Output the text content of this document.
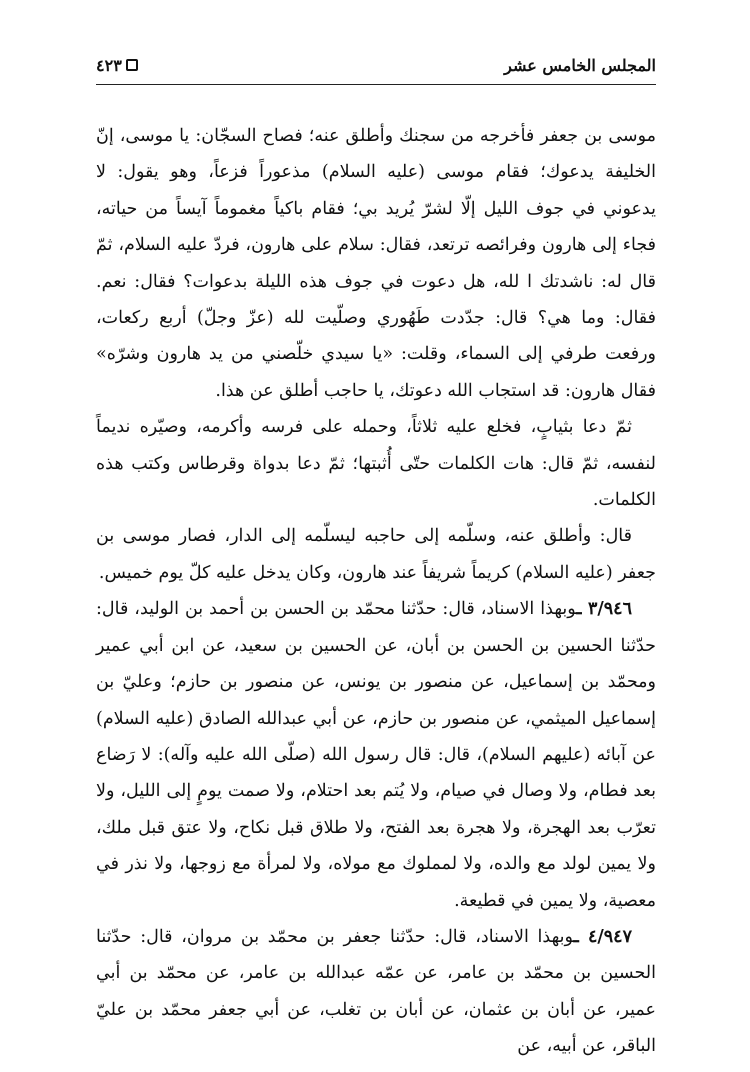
المجلس الخامس عشر
٤٢٣

موسى بن جعفر فأخرجه من سجنك وأطلق عنه؛ فصاح السجّان: يا موسى، إنّ الخليفة يدعوك؛ فقام موسى (عليه السلام) مذعوراً فزعاً، وهو يقول: لا يدعوني في جوف الليل إلّا لشرّ يُريد بي؛ فقام باكياً مغموماً آيساً من حياته، فجاء إلى هارون وفرائصه ترتعد، فقال: سلام على هارون، فردّ عليه السلام، ثمّ قال له: ناشدتك ا لله، هل دعوت في جوف هذه الليلة بدعوات؟ فقال: نعم. فقال: وما هي؟ قال: جدّدت طَهُوري وصلّيت لله (عزّ وجلّ) أربع ركعات، ورفعت طرفي إلى السماء، وقلت: «يا سيدي خلّصني من يد هارون وشرّه» فقال هارون: قد استجاب الله دعوتك، يا حاجب أطلق عن هذا.

ثمّ دعا بثيابٍ، فخلع عليه ثلاثاً، وحمله على فرسه وأكرمه، وصيّره نديماً لنفسه، ثمّ قال: هات الكلمات حتّى أُثبتها؛ ثمّ دعا بدواة وقرطاس وكتب هذه الكلمات.

قال: وأطلق عنه، وسلّمه إلى حاجبه ليسلّمه إلى الدار، فصار موسى بن جعفر (عليه السلام) كريماً شريفاً عند هارون، وكان يدخل عليه كلّ يوم خميس.

٣/٩٤٦ ـوبهذا الاسناد، قال: حدّثنا محمّد بن الحسن بن أحمد بن الوليد، قال: حدّثنا الحسين بن الحسن بن أبان، عن الحسين بن سعيد، عن ابن أبي عمير ومحمّد بن إسماعيل، عن منصور بن يونس، عن منصور بن حازم؛ وعليّ بن إسماعيل الميثمي، عن منصور بن حازم، عن أبي عبدالله الصادق (عليه السلام) عن آبائه (عليهم السلام)، قال: قال رسول الله (صلّى الله عليه وآله): لا رَضاع بعد فطام، ولا وصال في صيام، ولا يُتم بعد احتلام، ولا صمت يومٍ إلى الليل، ولا تعرّب بعد الهجرة، ولا هجرة بعد الفتح، ولا طلاق قبل نكاح، ولا عتق قبل ملك، ولا يمين لولد مع والده، ولا لمملوك مع مولاه، ولا لمرأة مع زوجها، ولا نذر في معصية، ولا يمين في قطيعة.

٤/٩٤٧ ـوبهذا الاسناد، قال: حدّثنا جعفر بن محمّد بن مروان، قال: حدّثنا الحسين بن محمّد بن عامر، عن عمّه عبدالله بن عامر، عن محمّد بن أبي عمير، عن أبان بن عثمان، عن أبان بن تغلب، عن أبي جعفر محمّد بن عليّ الباقر، عن أبيه، عن
